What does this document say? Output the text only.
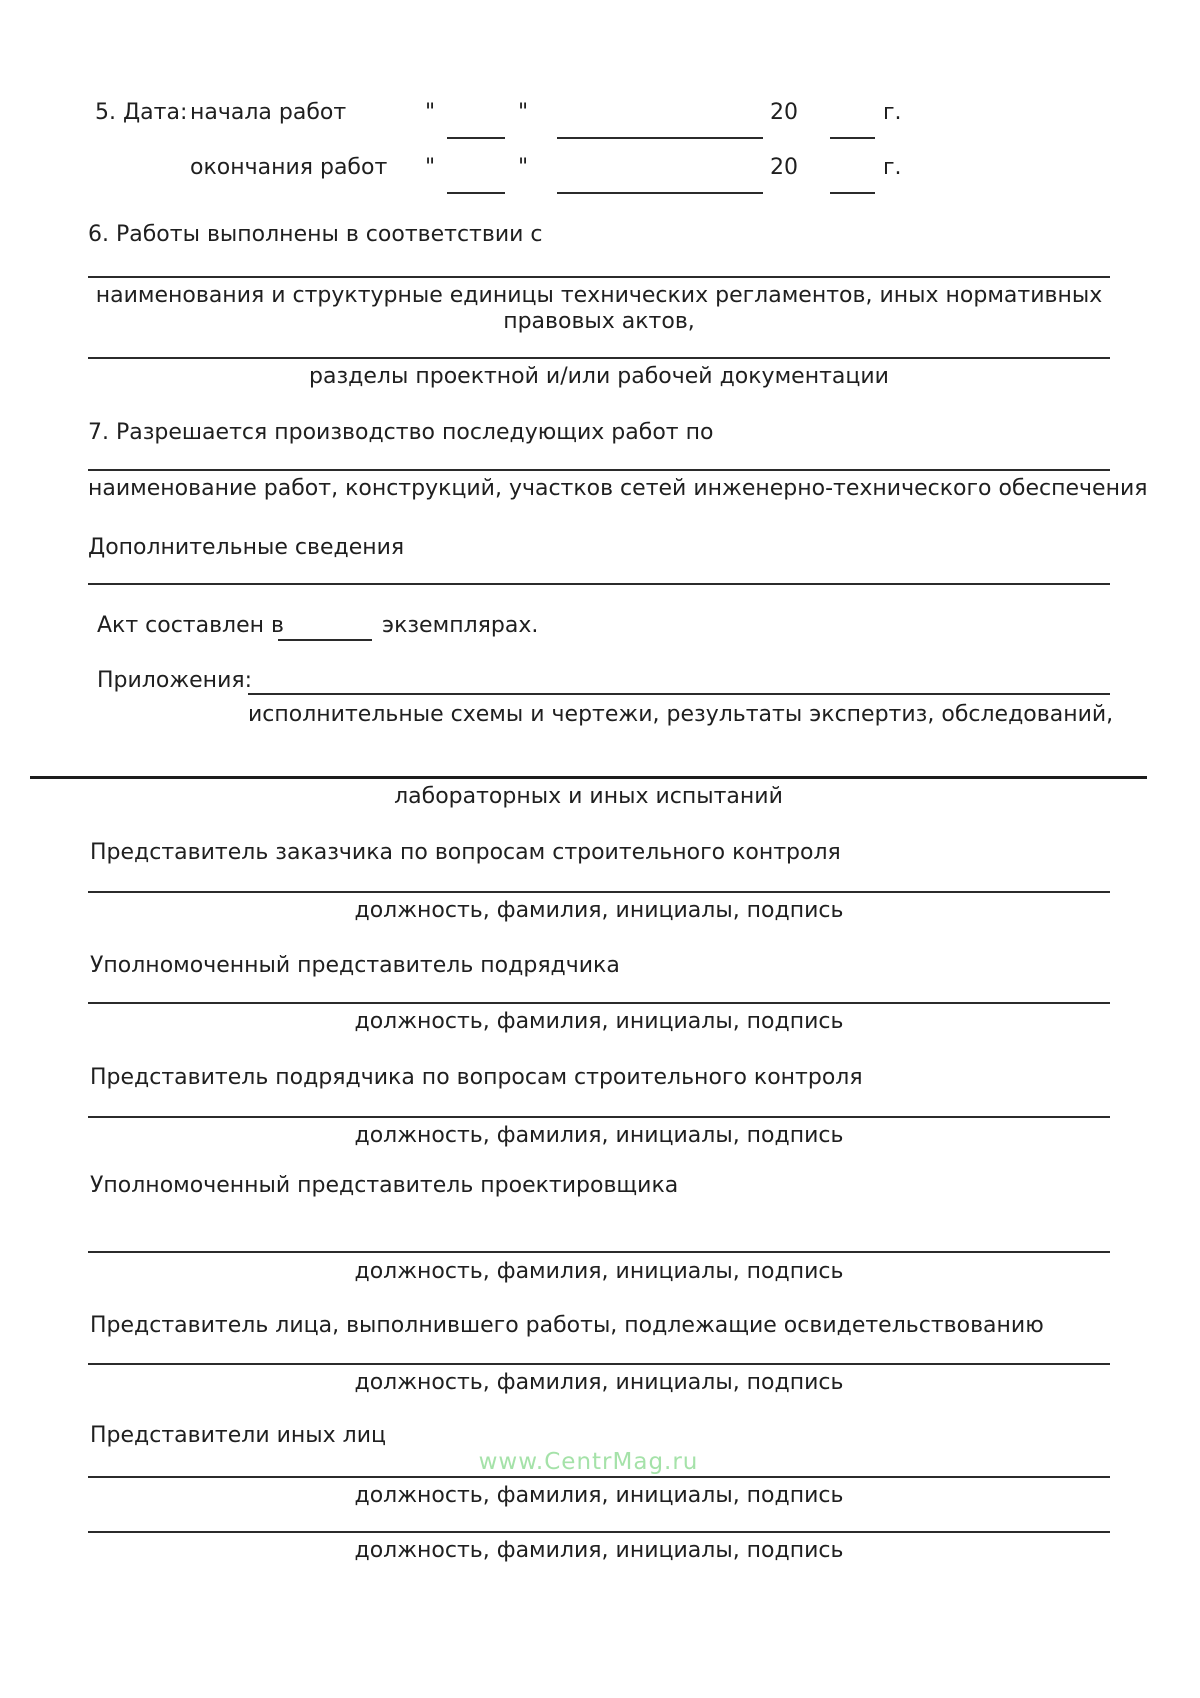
5. Дата: начала работ	"	"	20	г.
окончания работ "	"	20	г.
6. Работы выполнены в соответствии с
наименования и структурные единицы технических регламентов, иных нормативных
правовых актов,
разделы проектной и/или рабочей документации
7. Разрешается производство последующих работ по
наименование работ, конструкций, участков сетей инженерно-технического обеспечения
Дополнительные сведения
Акт составлен в	экземплярах.
Приложения:
исполнительные схемы и чертежи, результаты экспертиз, обследований,
лабораторных и иных испытаний
Представитель заказчика по вопросам строительного контроля
должность, фамилия, инициалы, подпись
Уполномоченный представитель подрядчика
должность, фамилия, инициалы, подпись
Представитель подрядчика по вопросам строительного контроля
должность, фамилия, инициалы, подпись
Уполномоченный представитель проектировщика
должность, фамилия, инициалы, подпись
Представитель лица, выполнившего работы, подлежащие освидетельствованию
должность, фамилия, инициалы, подпись
Представители иных лиц
www.CentrMag.ru
должность, фамилия, инициалы, подпись
должность, фамилия, инициалы, подпись
